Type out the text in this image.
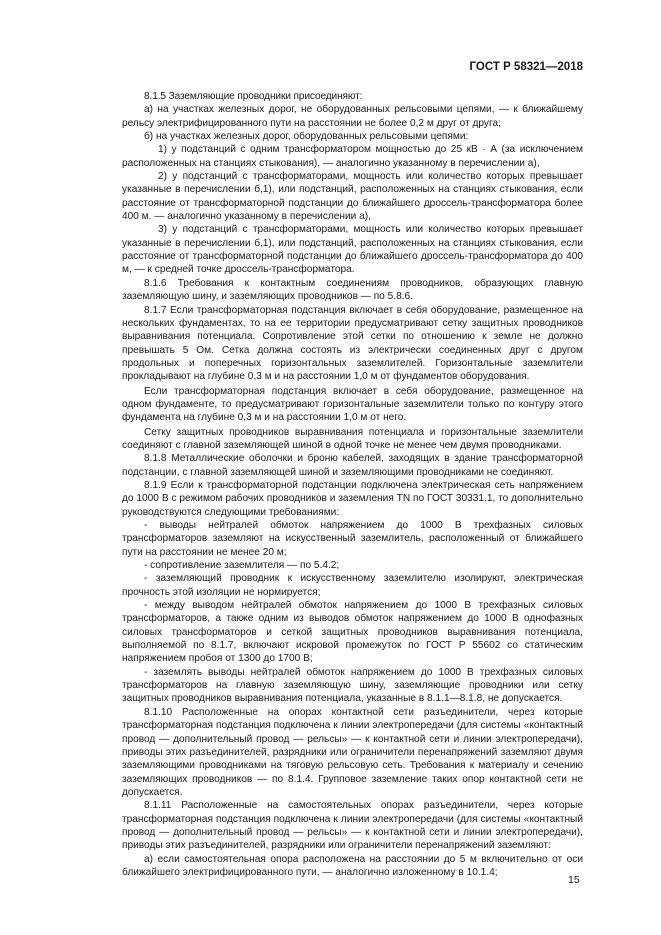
ГОСТ Р 58321—2018

8.1.5 Заземляющие проводники присоединяют:

а) на участках железных дорог, не оборудованных рельсовыми цепями, — к ближайшему рельсу электрифицированного пути на расстоянии не более 0,2 м друг от друга;

б) на участках железных дорог, оборудованных рельсовыми цепями:

1) у подстанций с одним трансформатором мощностью до 25 кВ · А (за исключением расположенных на станциях стыкования), — аналогично указанному в перечислении а),

2) у подстанций с трансформаторами, мощность или количество которых превышает указанные в перечислении б,1), или подстанций, расположенных на станциях стыкования, если расстояние от трансформаторной подстанции до ближайшего дроссель-трансформатора более 400 м. — аналогично указанному в перечислении а),

3) у подстанций с трансформаторами, мощность или количество которых превышает указанные в перечислении б,1), или подстанций, расположенных на станциях стыкования, если расстояние от трансформаторной подстанции до ближайшего дроссель-трансформатора до 400 м, — к средней точке дроссель-трансформатора.

8.1.6 Требования к контактным соединениям проводников, образующих главную заземляющую шину, и заземляющих проводников — по 5.8.6.

8.1.7 Если трансформаторная подстанция включает в себя оборудование, размещенное на нескольких фундаментах, то на ее территории предусматривают сетку защитных проводников выравнивания потенциала. Сопротивление этой сетки по отношению к земле не должно превышать 5 Ом. Сетка должна состоять из электрически соединенных друг с другом продольных и поперечных горизонтальных заземлителей. Горизонтальные заземлители прокладывают на глубине 0,3 м и на расстоянии 1,0 м от фундаментов оборудования.

Если трансформаторная подстанция включает в себя оборудование, размещенное на одном фундаменте, то предусматривают горизонтальные заземлители только по контуру этого фундамента на глубине 0,3 м и на расстоянии 1,0 м от него.

Сетку защитных проводников выравнивания потенциала и горизонтальные заземлители соединяют с главной заземляющей шиной в одной точке не менее чем двумя проводниками.

8.1.8 Металлические оболочки и броню кабелей, заходящих в здание трансформаторной подстанции, с главной заземляющей шиной и заземляющими проводниками не соединяют.

8.1.9 Если к трансформаторной подстанции подключена электрическая сеть напряжением до 1000 В с режимом рабочих проводников и заземления TN по ГОСТ 30331.1, то дополнительно руководствуются следующими требованиями:

- выводы нейтралей обмоток напряжением до 1000 В трехфазных силовых трансформаторов заземляют на искусственный заземлитель, расположенный от ближайшего пути на расстоянии не менее 20 м;

- сопротивление заземлителя — по 5.4.2;

- заземляющий проводник к искусственному заземлителю изолируют, электрическая прочность этой изоляции не нормируется;

- между выводом нейтралей обмоток напряжением до 1000 В трехфазных силовых трансформаторов, а также одним из выводов обмоток напряжением до 1000 В однофазных силовых трансформаторов и сеткой защитных проводников выравнивания потенциала, выполняемой по 8.1.7, включают искровой промежуток по ГОСТ Р 55602 со статическим напряжением пробоя от 1300 до 1700 В;

- заземлять выводы нейтралей обмоток напряжением до 1000 В трехфазных силовых трансформаторов на главную заземляющую шину, заземляющие проводники или сетку защитных проводников выравнивания потенциала, указанные в 8.1.1—8.1.8, не допускается.

8.1.10 Расположенные на опорах контактной сети разъединители, через которые трансформаторная подстанция подключена к линии электропередачи (для системы «контактный провод — дополнительный провод — рельсы» — к контактной сети и линии электропередачи), приводы этих разъединителей, разрядники или ограничители перенапряжений заземляют двумя заземляющими проводниками на тяговую рельсовую сеть. Требования к материалу и сечению заземляющих проводников — по 8.1.4. Групповое заземление таких опор контактной сети не допускается.

8.1.11 Расположенные на самостоятельных опорах разъединители, через которые трансформаторная подстанция подключена к линии электропередачи (для системы «контактный провод — дополнительный провод — рельсы» — к контактной сети и линии электропередачи), приводы этих разъединителей, разрядники или ограничители перенапряжений заземляют:

а) если самостоятельная опора расположена на расстоянии до 5 м включительно от оси ближайшего электрифицированного пути, — аналогично изложенному в 10.1.4;

15
